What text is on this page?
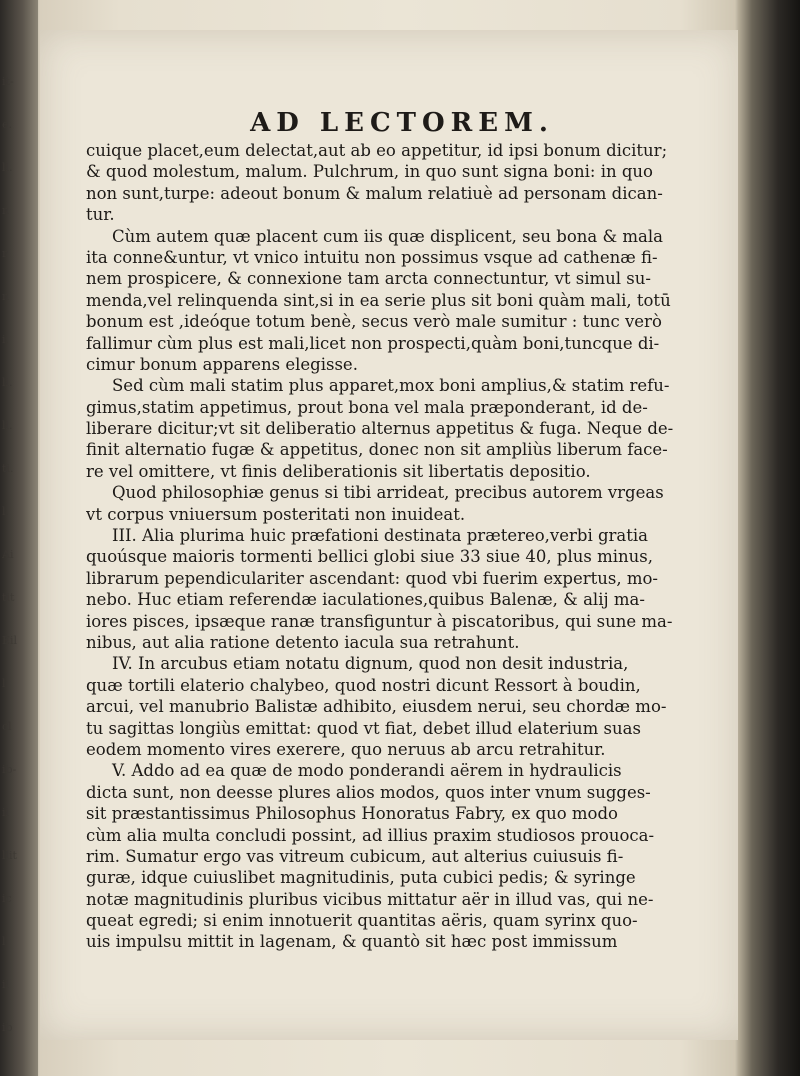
it-
e.
li.
n
r
n
i.
li.
li.
ti.
l.
Ai
tit
Eil
l
cl
ib-
ii
llit
ic
l
il
ib
AD LECTOREM.
cuique placet,eum delectat,aut ab eo appetitur, id ipsi bonum dicitur;
& quod molestum, malum. Pulchrum, in quo sunt signa boni: in quo
non sunt,turpe: adeout bonum & malum relatiuè ad personam dican-
tur.
Cùm autem quæ placent cum iis quæ displicent, seu bona & mala
ita conne&untur, vt vnico intuitu non possimus vsque ad cathenæ fi-
nem prospicere, & connexione tam arcta connectuntur, vt simul su-
menda,vel relinquenda sint,si in ea serie plus sit boni quàm mali, totū
bonum est ,ideóque totum benè, secus verò male sumitur : tunc verò
fallimur cùm plus est mali,licet non prospecti,quàm boni,tuncque di-
cimur bonum apparens elegisse.
Sed cùm mali statim plus apparet,mox boni amplius,& statim refu-
gimus,statim appetimus, prout bona vel mala præponderant, id de-
liberare dicitur;vt sit deliberatio alternus appetitus & fuga. Neque de-
finit alternatio fugæ & appetitus, donec non sit ampliùs liberum face-
re vel omittere, vt finis deliberationis sit libertatis depositio.
Quod philosophiæ genus si tibi arrideat, precibus autorem vrgeas
vt corpus vniuersum posteritati non inuideat.
III. Alia plurima huic præfationi destinata prætereo,verbi gratia
quoúsque maioris tormenti bellici globi siue 33 siue 40, plus minus,
librarum pependiculariter ascendant: quod vbi fuerim expertus, mo-
nebo. Huc etiam referendæ iaculationes,quibus Balenæ, & alij ma-
iores pisces, ipsæque ranæ transfiguntur à piscatoribus, qui sune ma-
nibus, aut alia ratione detento iacula sua retrahunt.
IV. In arcubus etiam notatu dignum, quod non desit industria,
quæ tortili elaterio chalybeo, quod nostri dicunt Ressort à boudin,
arcui, vel manubrio Balistæ adhibito, eiusdem nerui, seu chordæ mo-
tu sagittas longiùs emittat: quod vt fiat, debet illud elaterium suas
eodem momento vires exerere, quo neruus ab arcu retrahitur.
V. Addo ad ea quæ de modo ponderandi aërem in hydraulicis
dicta sunt, non deesse plures alios modos, quos inter vnum sugges-
sit præstantissimus Philosophus Honoratus Fabry, ex quo modo
cùm alia multa concludi possint, ad illius praxim studiosos prouoca-
rim. Sumatur ergo vas vitreum cubicum, aut alterius cuiusuis fi-
guræ, idque cuiuslibet magnitudinis, puta cubici pedis; & syringe
notæ magnitudinis pluribus vicibus mittatur aër in illud vas, qui ne-
queat egredi; si enim innotuerit quantitas aëris, quam syrinx quo-
uis impulsu mittit in lagenam, & quantò sit hæc post immissum
